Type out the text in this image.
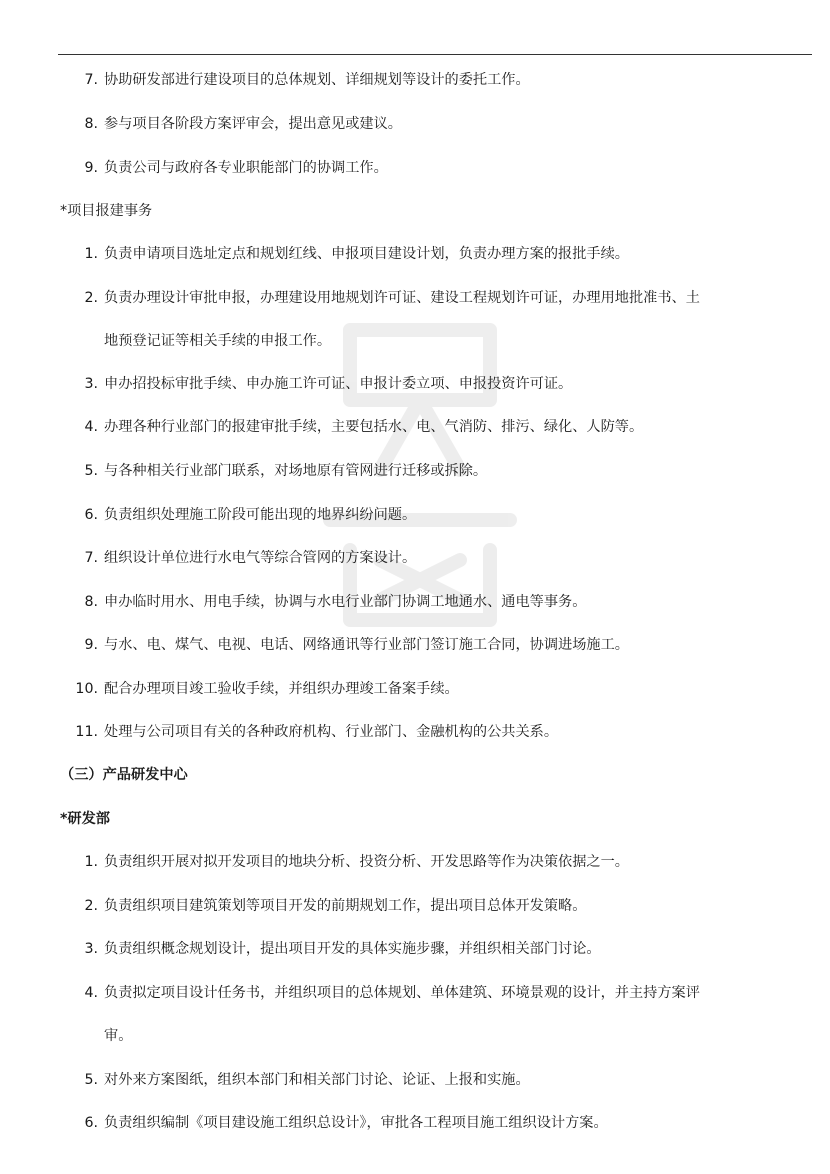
7. 协助研发部进行建设项目的总体规划、详细规划等设计的委托工作。
8. 参与项目各阶段方案评审会，提出意见或建议。
9. 负责公司与政府各专业职能部门的协调工作。
*项目报建事务
1. 负责申请项目选址定点和规划红线、申报项目建设计划，负责办理方案的报批手续。
2. 负责办理设计审批申报，办理建设用地规划许可证、建设工程规划许可证，办理用地批准书、土
地预登记证等相关手续的申报工作。
3. 申办招投标审批手续、申办施工许可证、申报计委立项、申报投资许可证。
4. 办理各种行业部门的报建审批手续，主要包括水、电、气消防、排污、绿化、人防等。
5. 与各种相关行业部门联系，对场地原有管网进行迁移或拆除。
6. 负责组织处理施工阶段可能出现的地界纠纷问题。
7. 组织设计单位进行水电气等综合管网的方案设计。
8. 申办临时用水、用电手续，协调与水电行业部门协调工地通水、通电等事务。
9. 与水、电、煤气、电视、电话、网络通讯等行业部门签订施工合同，协调进场施工。
10. 配合办理项目竣工验收手续，并组织办理竣工备案手续。
11. 处理与公司项目有关的各种政府机构、行业部门、金融机构的公共关系。
（三）产品研发中心
*研发部
1. 负责组织开展对拟开发项目的地块分析、投资分析、开发思路等作为决策依据之一。
2. 负责组织项目建筑策划等项目开发的前期规划工作，提出项目总体开发策略。
3. 负责组织概念规划设计，提出项目开发的具体实施步骤，并组织相关部门讨论。
4. 负责拟定项目设计任务书，并组织项目的总体规划、单体建筑、环境景观的设计，并主持方案评
审。
5. 对外来方案图纸，组织本部门和相关部门讨论、论证、上报和实施。
6. 负责组织编制《项目建设施工组织总设计》，审批各工程项目施工组织设计方案。
